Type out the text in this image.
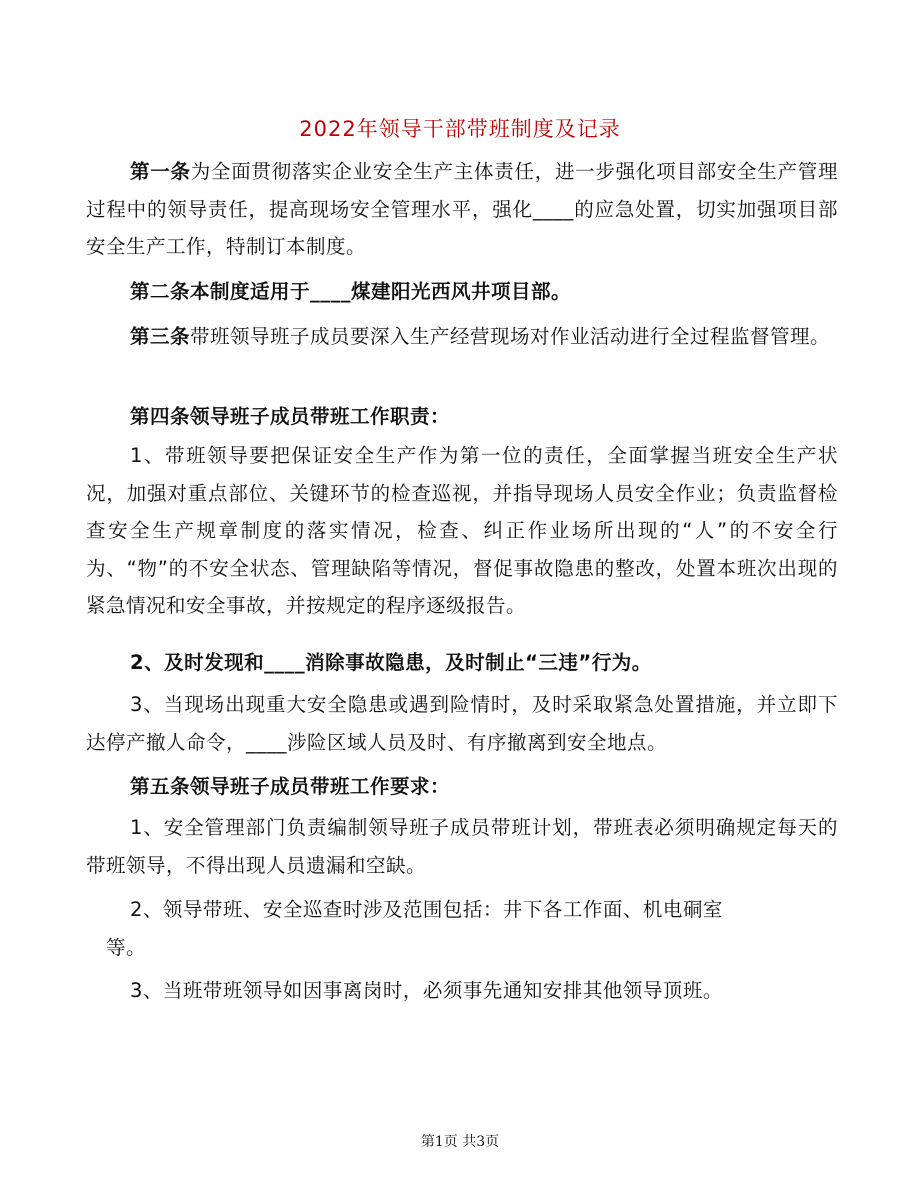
2022年领导干部带班制度及记录

第一条为全面贯彻落实企业安全生产主体责任，进一步强化项目部安全生产管理过程中的领导责任，提高现场安全管理水平，强化____的应急处置，切实加强项目部安全生产工作，特制订本制度。

第二条本制度适用于____煤建阳光西风井项目部。

第三条带班领导班子成员要深入生产经营现场对作业活动进行全过程监督管理。

第四条领导班子成员带班工作职责：

1、带班领导要把保证安全生产作为第一位的责任，全面掌握当班安全生产状况，加强对重点部位、关键环节的检查巡视，并指导现场人员安全作业；负责监督检查安全生产规章制度的落实情况，检查、纠正作业场所出现的“人”的不安全行为、“物”的不安全状态、管理缺陷等情况，督促事故隐患的整改，处置本班次出现的紧急情况和安全事故，并按规定的程序逐级报告。

2、及时发现和____消除事故隐患，及时制止“三违”行为。

3、当现场出现重大安全隐患或遇到险情时，及时采取紧急处置措施，并立即下达停产撤人命令，____涉险区域人员及时、有序撤离到安全地点。

第五条领导班子成员带班工作要求：

1、安全管理部门负责编制领导班子成员带班计划，带班表必须明确规定每天的带班领导，不得出现人员遗漏和空缺。

2、领导带班、安全巡查时涉及范围包括：井下各工作面、机电硐室

等。

3、当班带班领导如因事离岗时，必须事先通知安排其他领导顶班。

第1页 共3页
